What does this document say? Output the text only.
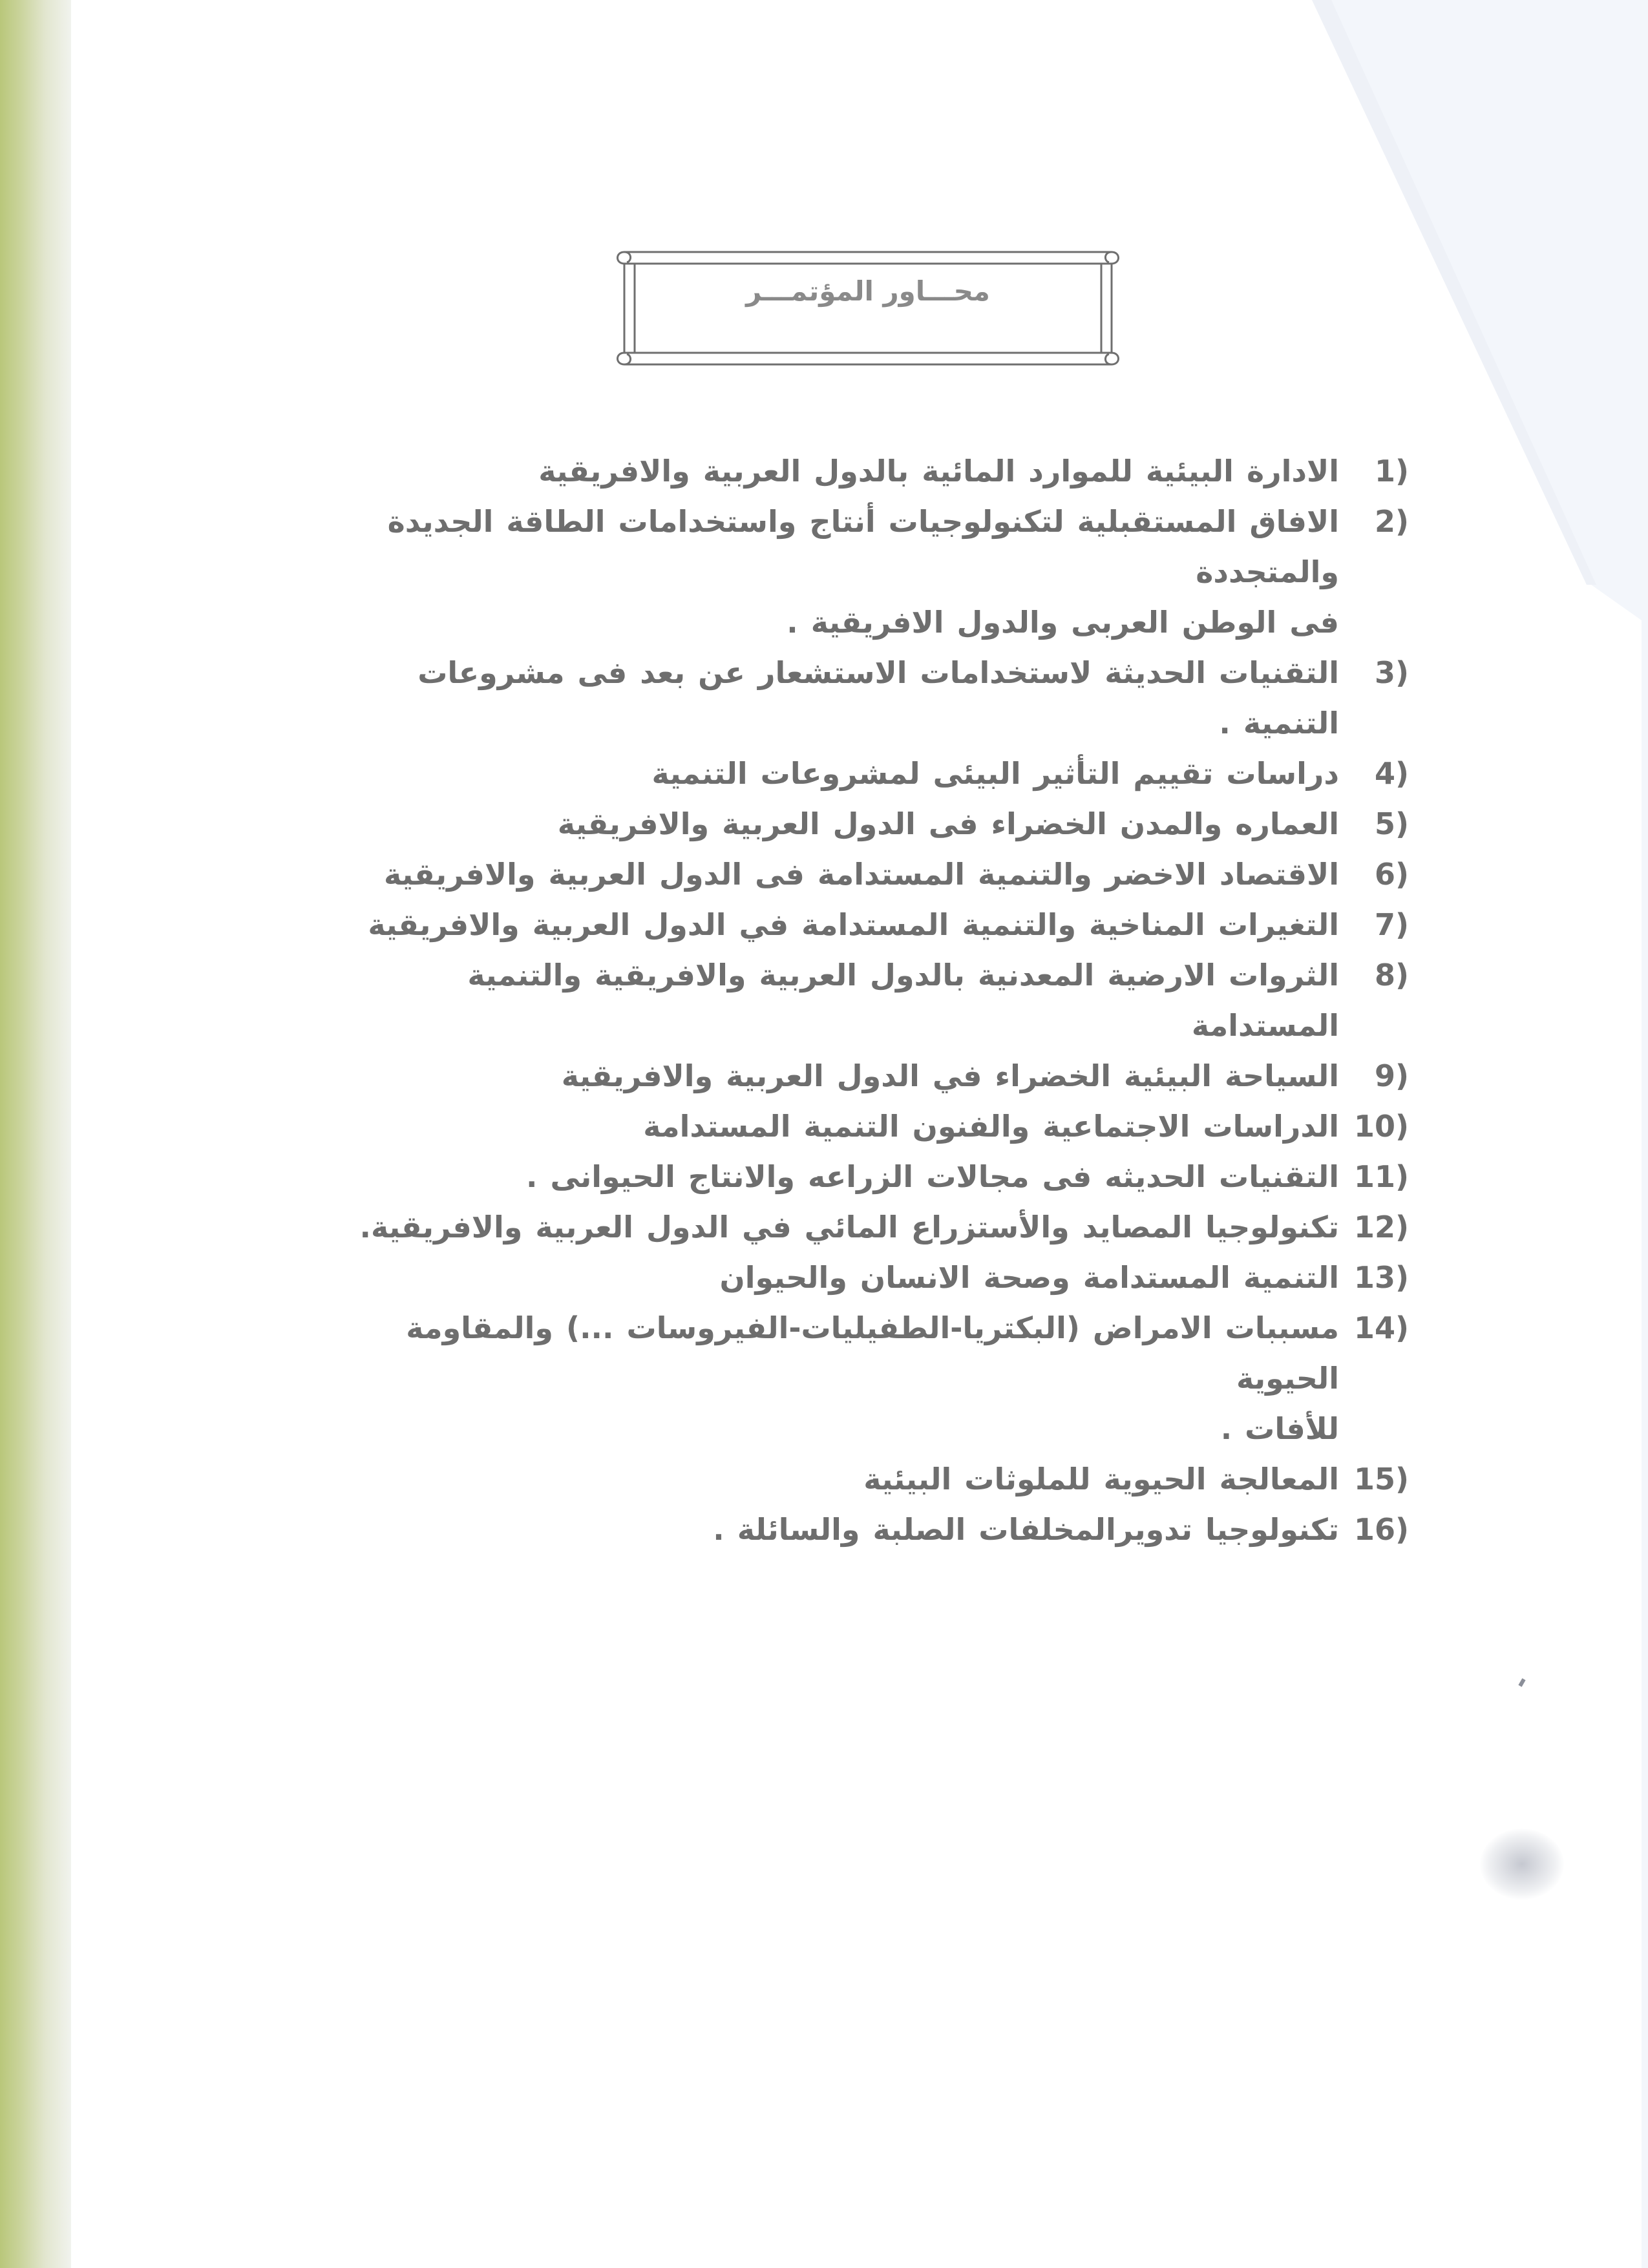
محـــاور المؤتمـــر
1)
الادارة البيئية للموارد المائية بالدول العربية والافريقية
2)
الافاق المستقبلية لتكنولوجيات أنتاج واستخدامات الطاقة الجديدة والمتجددة
فى الوطن العربى والدول الافريقية .
3)
التقنيات الحديثة لاستخدامات الاستشعار عن بعد فى مشروعات التنمية .
4)
دراسات تقييم التأثير البيئى لمشروعات التنمية
5)
العماره والمدن الخضراء فى الدول العربية والافريقية
6)
الاقتصاد الاخضر والتنمية المستدامة فى الدول العربية والافريقية
7)
التغيرات المناخية والتنمية المستدامة في الدول العربية والافريقية
8)
الثروات الارضية المعدنية بالدول العربية والافريقية والتنمية المستدامة
9)
السياحة البيئية الخضراء في الدول العربية والافريقية
10)
الدراسات الاجتماعية والفنون التنمية المستدامة
11)
التقنيات الحديثه فى مجالات الزراعه والانتاج الحيوانى .
12)
تكنولوجيا المصايد والأستزراع المائي في الدول العربية والافريقية.
13)
التنمية المستدامة وصحة الانسان والحيوان
14)
مسببات الامراض (البكتريا-الطفيليات-الفيروسات ...) والمقاومة الحيوية
للأفات .
15)
المعالجة الحيوية للملوثات البيئية
16)
تكنولوجيا تدويرالمخلفات الصلبة والسائلة .
